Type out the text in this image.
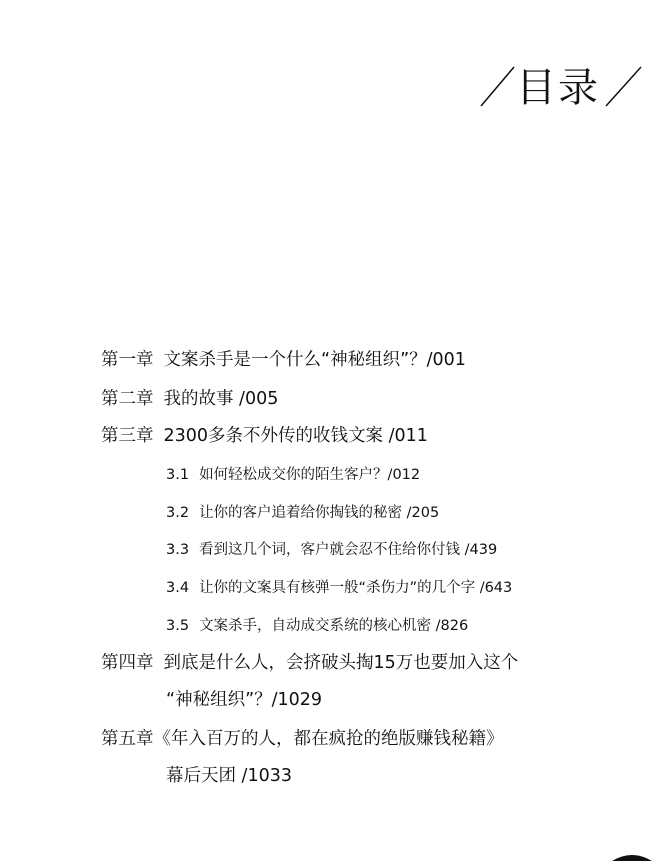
目录
第一章 文案杀手是一个什么“神秘组织”？/001
第二章 我的故事 /005
第三章 2300多条不外传的收钱文案 /011
3.1 如何轻松成交你的陌生客户？/012
3.2 让你的客户追着给你掏钱的秘密 /205
3.3 看到这几个词，客户就会忍不住给你付钱 /439
3.4 让你的文案具有核弹一般“杀伤力”的几个字 /643
3.5 文案杀手，自动成交系统的核心机密 /826
第四章 到底是什么人，会挤破头掏15万也要加入这个
“神秘组织”？/1029
第五章《年入百万的人，都在疯抢的绝版赚钱秘籍》
幕后天团 /1033
